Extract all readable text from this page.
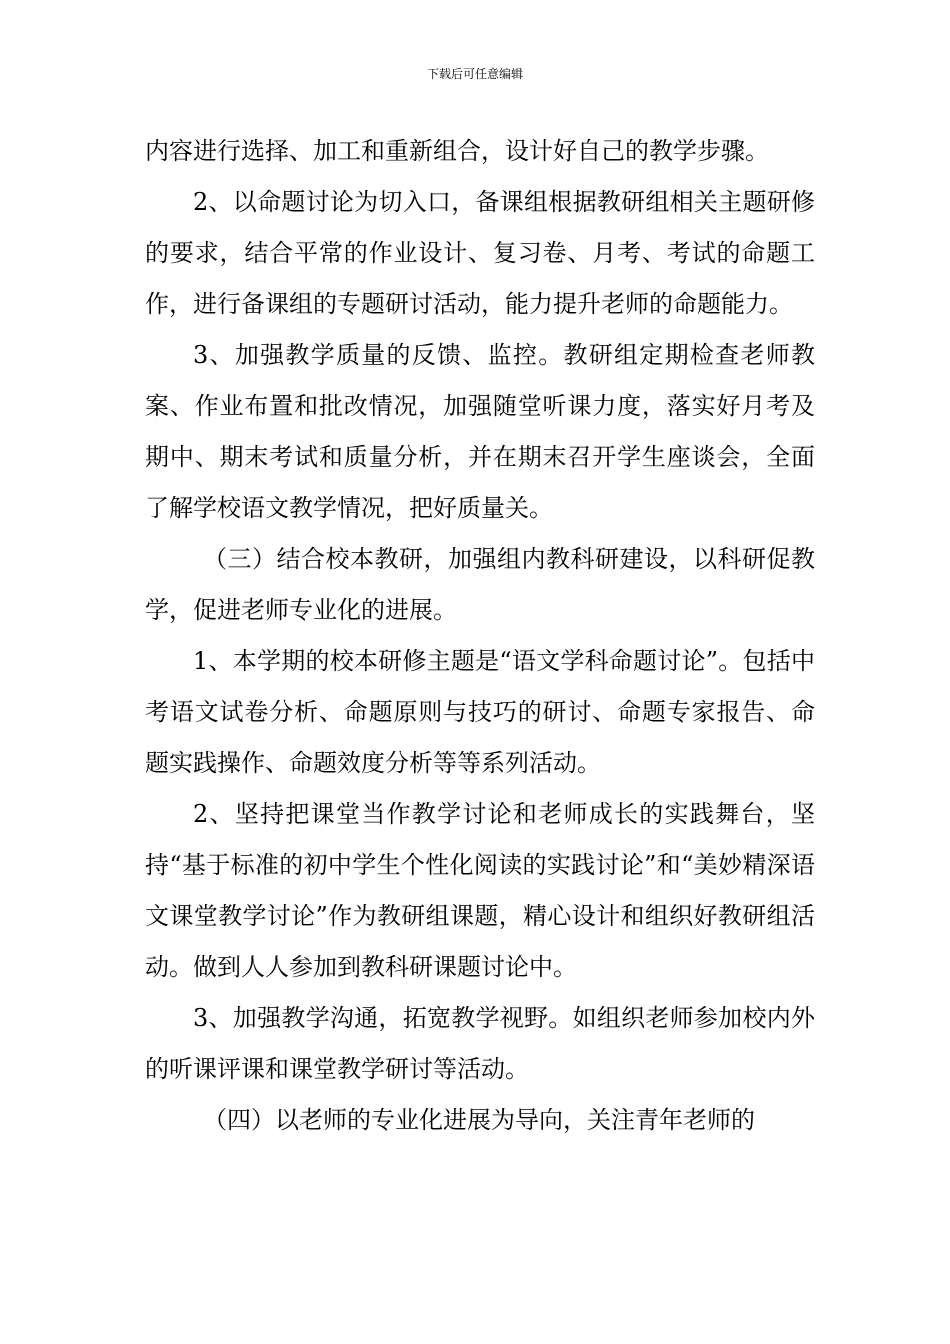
下载后可任意编辑

内容进行选择、加工和重新组合，设计好自己的教学步骤。

2、以命题讨论为切入口，备课组根据教研组相关主题研修的要求，结合平常的作业设计、复习卷、月考、考试的命题工作，进行备课组的专题研讨活动，能力提升老师的命题能力。

3、加强教学质量的反馈、监控。教研组定期检查老师教案、作业布置和批改情况，加强随堂听课力度，落实好月考及期中、期末考试和质量分析，并在期末召开学生座谈会，全面了解学校语文教学情况，把好质量关。

（三）结合校本教研，加强组内教科研建设，以科研促教学，促进老师专业化的进展。

1、本学期的校本研修主题是“语文学科命题讨论”。包括中考语文试卷分析、命题原则与技巧的研讨、命题专家报告、命题实践操作、命题效度分析等等系列活动。

2、坚持把课堂当作教学讨论和老师成长的实践舞台，坚持“基于标准的初中学生个性化阅读的实践讨论”和“美妙精深语文课堂教学讨论”作为教研组课题，精心设计和组织好教研组活动。做到人人参加到教科研课题讨论中。

3、加强教学沟通，拓宽教学视野。如组织老师参加校内外的听课评课和课堂教学研讨等活动。

（四）以老师的专业化进展为导向，关注青年老师的
